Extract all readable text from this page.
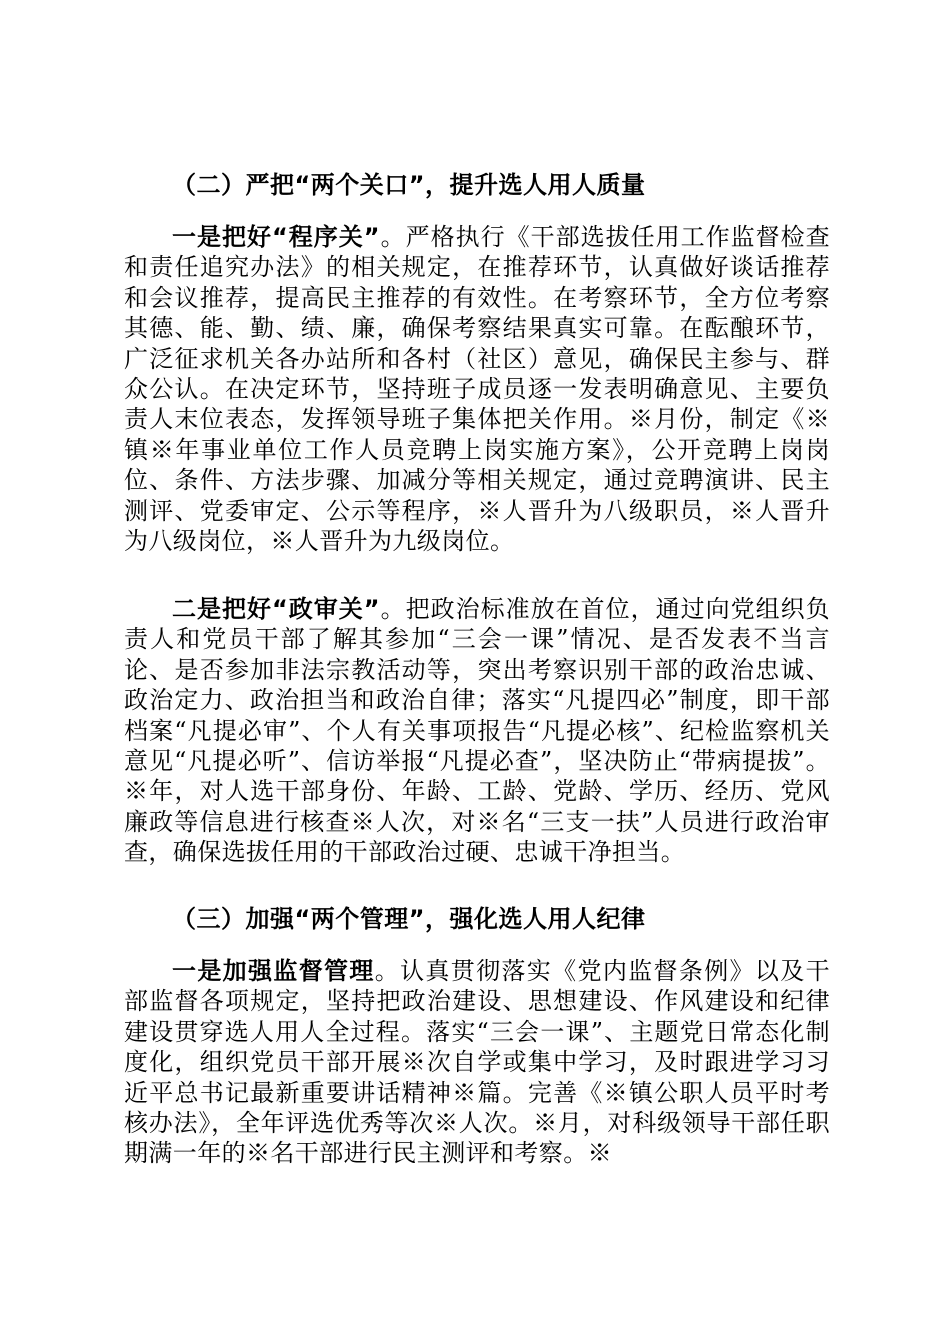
（二）严把“两个关口”，提升选人用人质量
一是把好“程序关”。严格执行《干部选拔任用工作监督检查和责任追究办法》的相关规定，在推荐环节，认真做好谈话推荐和会议推荐，提高民主推荐的有效性。在考察环节，全方位考察其德、能、勤、绩、廉，确保考察结果真实可靠。在酝酿环节，广泛征求机关各办站所和各村（社区）意见，确保民主参与、群众公认。在决定环节，坚持班子成员逐一发表明确意见、主要负责人末位表态，发挥领导班子集体把关作用。※月份，制定《※镇※年事业单位工作人员竞聘上岗实施方案》，公开竞聘上岗岗位、条件、方法步骤、加减分等相关规定，通过竞聘演讲、民主测评、党委审定、公示等程序，※人晋升为八级职员，※人晋升为八级岗位，※人晋升为九级岗位。
二是把好“政审关”。把政治标准放在首位，通过向党组织负责人和党员干部了解其参加“三会一课”情况、是否发表不当言论、是否参加非法宗教活动等，突出考察识别干部的政治忠诚、政治定力、政治担当和政治自律；落实“凡提四必”制度，即干部档案“凡提必审”、个人有关事项报告“凡提必核”、纪检监察机关意见“凡提必听”、信访举报“凡提必查”，坚决防止“带病提拔”。※年，对人选干部身份、年龄、工龄、党龄、学历、经历、党风廉政等信息进行核查※人次，对※名“三支一扶”人员进行政治审查，确保选拔任用的干部政治过硬、忠诚干净担当。
（三）加强“两个管理”，强化选人用人纪律
一是加强监督管理。认真贯彻落实《党内监督条例》以及干部监督各项规定，坚持把政治建设、思想建设、作风建设和纪律建设贯穿选人用人全过程。落实“三会一课”、主题党日常态化制度化，组织党员干部开展※次自学或集中学习，及时跟进学习习近平总书记最新重要讲话精神※篇。完善《※镇公职人员平时考核办法》，全年评选优秀等次※人次。※月，对科级领导干部任职期满一年的※名干部进行民主测评和考察。※
